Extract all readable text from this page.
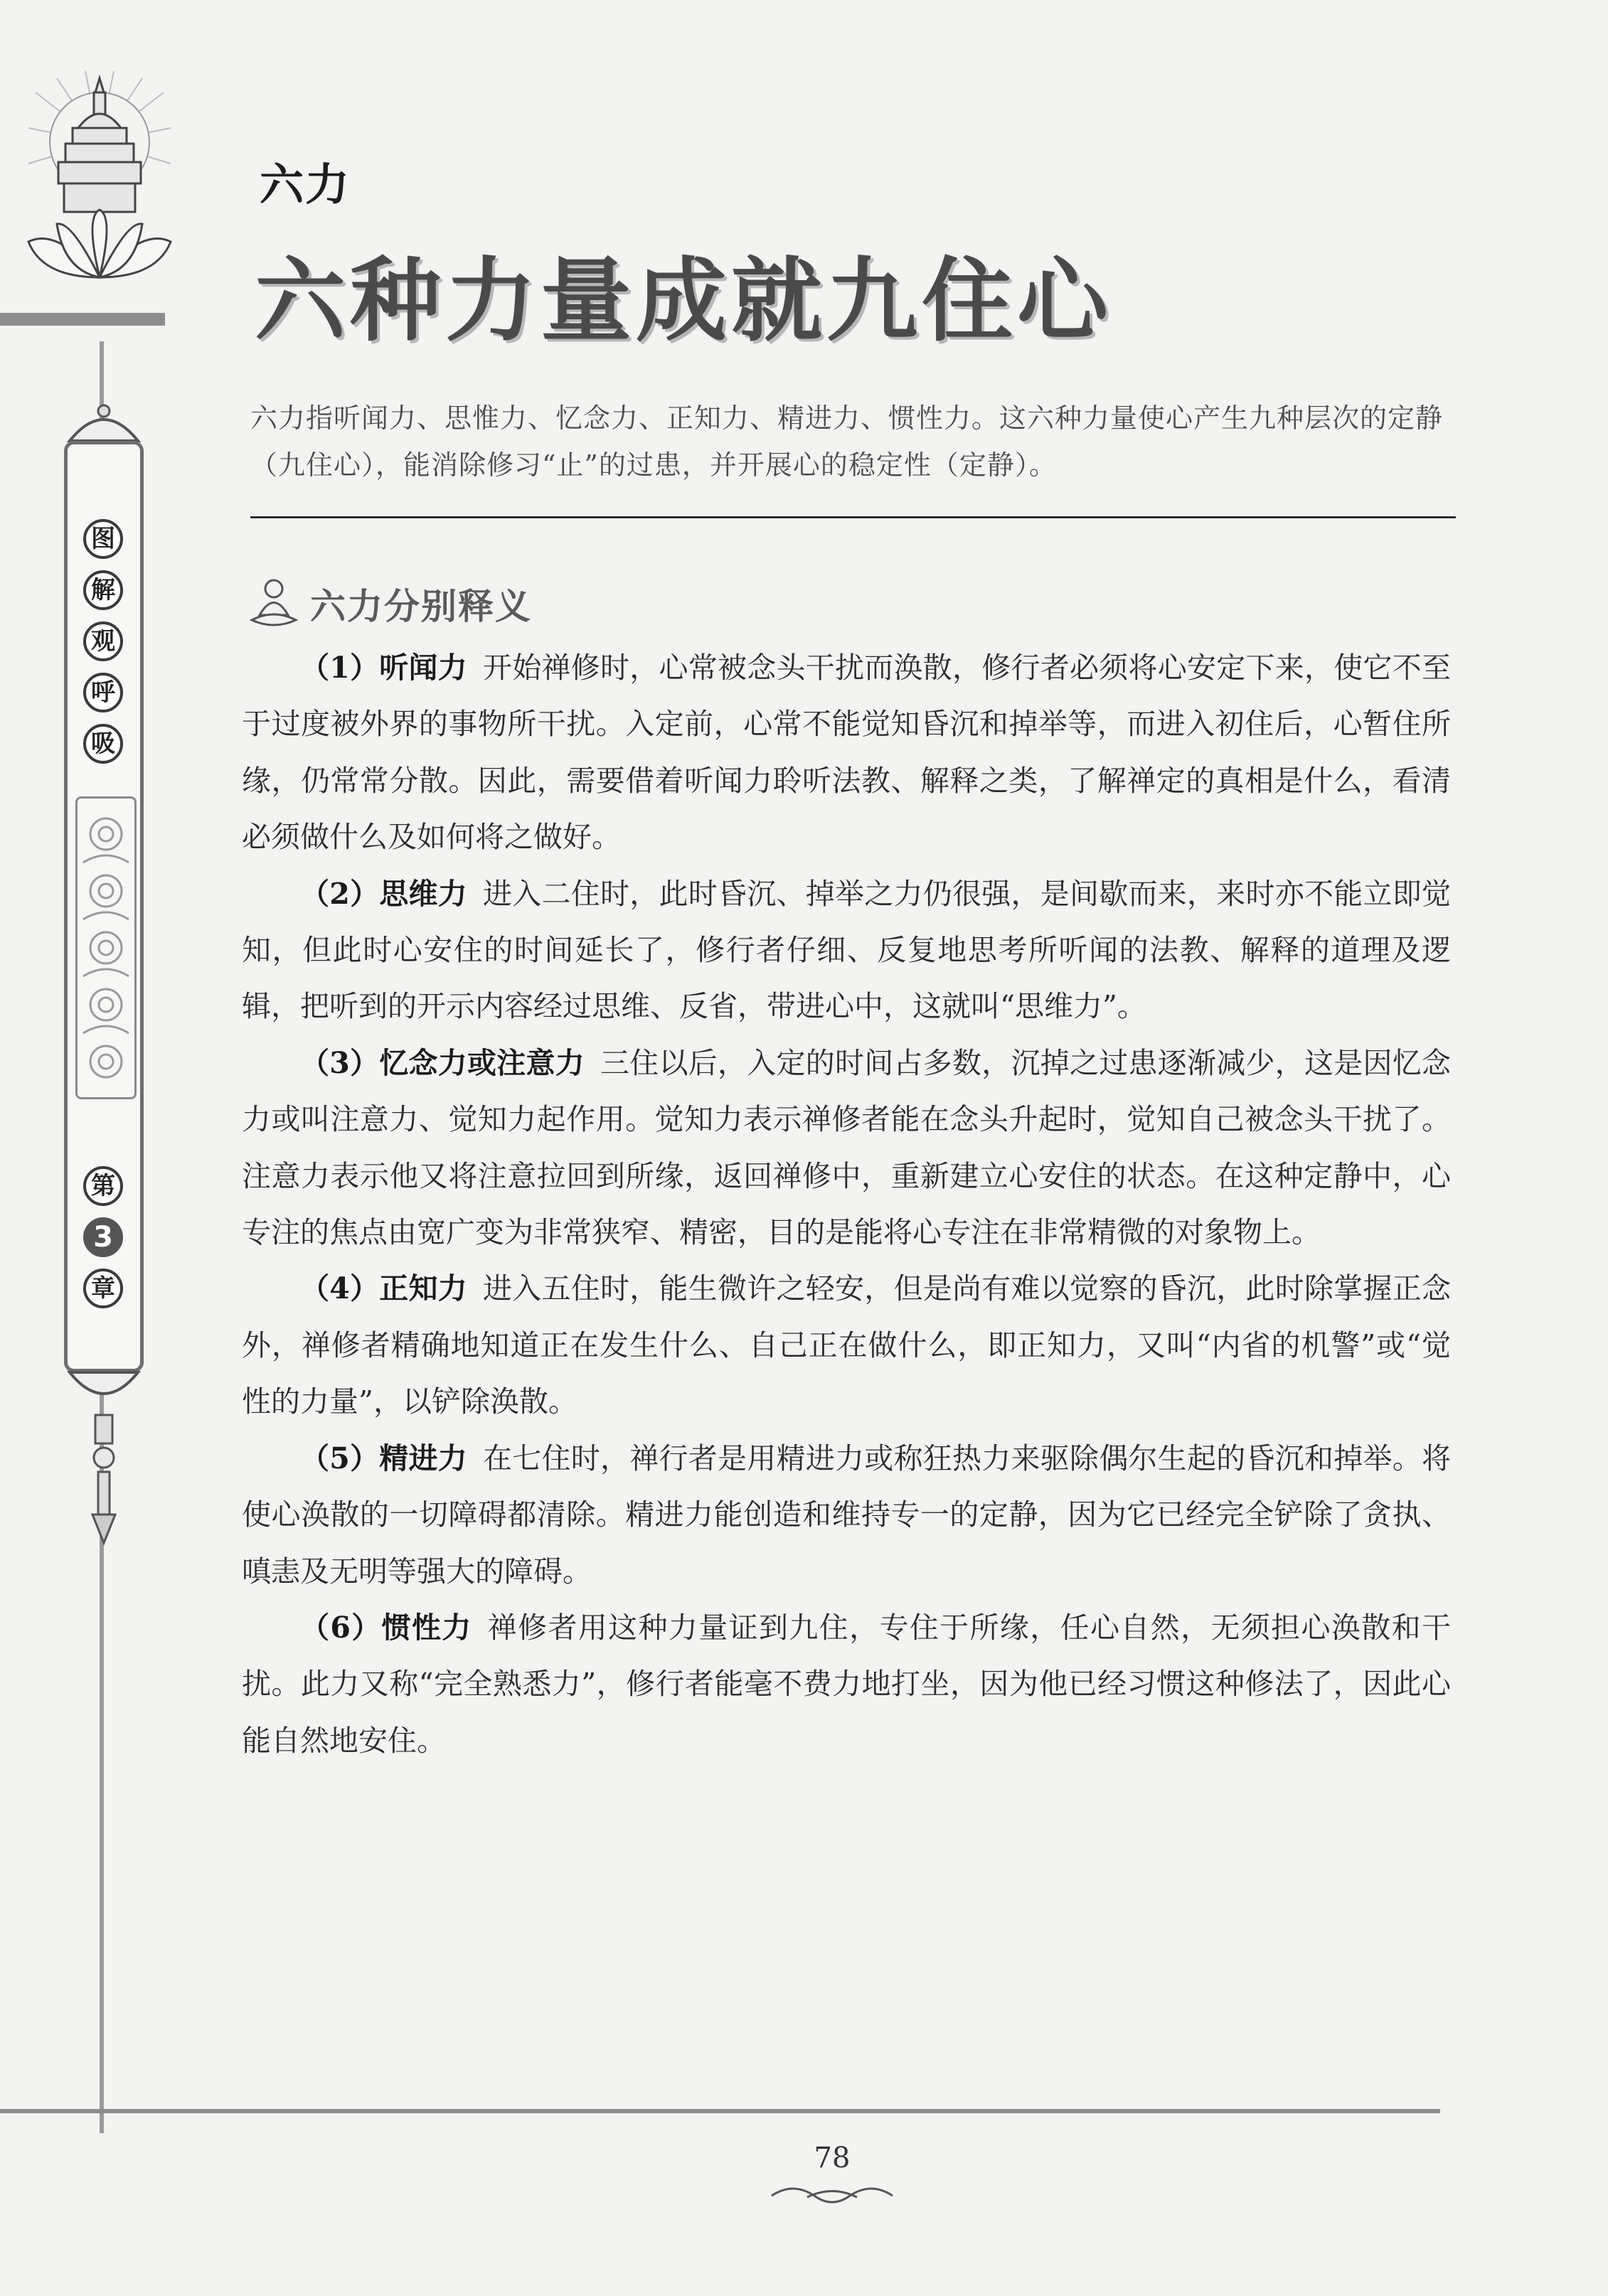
图
解
观
呼
吸
第
3
章
六力
六种力量成就九住心
六力指听闻力、思惟力、忆念力、正知力、精进力、惯性力。这六种力量使心产生九种层次的定静（九住心），能消除修习“止”的过患，并开展心的稳定性（定静）。
六力分别释义

（1）听闻力 开始禅修时，心常被念头干扰而涣散，修行者必须将心安定下来，使它不至于过度被外界的事物所干扰。入定前，心常不能觉知昏沉和掉举等，而进入初住后，心暂住所缘，仍常常分散。因此，需要借着听闻力聆听法教、解释之类，了解禅定的真相是什么，看清必须做什么及如何将之做好。

（2）思维力 进入二住时，此时昏沉、掉举之力仍很强，是间歇而来，来时亦不能立即觉知，但此时心安住的时间延长了，修行者仔细、反复地思考所听闻的法教、解释的道理及逻辑，把听到的开示内容经过思维、反省，带进心中，这就叫“思维力”。

（3）忆念力或注意力 三住以后，入定的时间占多数，沉掉之过患逐渐减少，这是因忆念力或叫注意力、觉知力起作用。觉知力表示禅修者能在念头升起时，觉知自己被念头干扰了。注意力表示他又将注意拉回到所缘，返回禅修中，重新建立心安住的状态。在这种定静中，心专注的焦点由宽广变为非常狭窄、精密，目的是能将心专注在非常精微的对象物上。

（4）正知力 进入五住时，能生微许之轻安，但是尚有难以觉察的昏沉，此时除掌握正念外，禅修者精确地知道正在发生什么、自己正在做什么，即正知力，又叫“内省的机警”或“觉性的力量”，以铲除涣散。

（5）精进力 在七住时，禅行者是用精进力或称狂热力来驱除偶尔生起的昏沉和掉举。将使心涣散的一切障碍都清除。精进力能创造和维持专一的定静，因为它已经完全铲除了贪执、嗔恚及无明等强大的障碍。

（6）惯性力 禅修者用这种力量证到九住，专住于所缘，任心自然，无须担心涣散和干扰。此力又称“完全熟悉力”，修行者能毫不费力地打坐，因为他已经习惯这种修法了，因此心能自然地安住。

78
